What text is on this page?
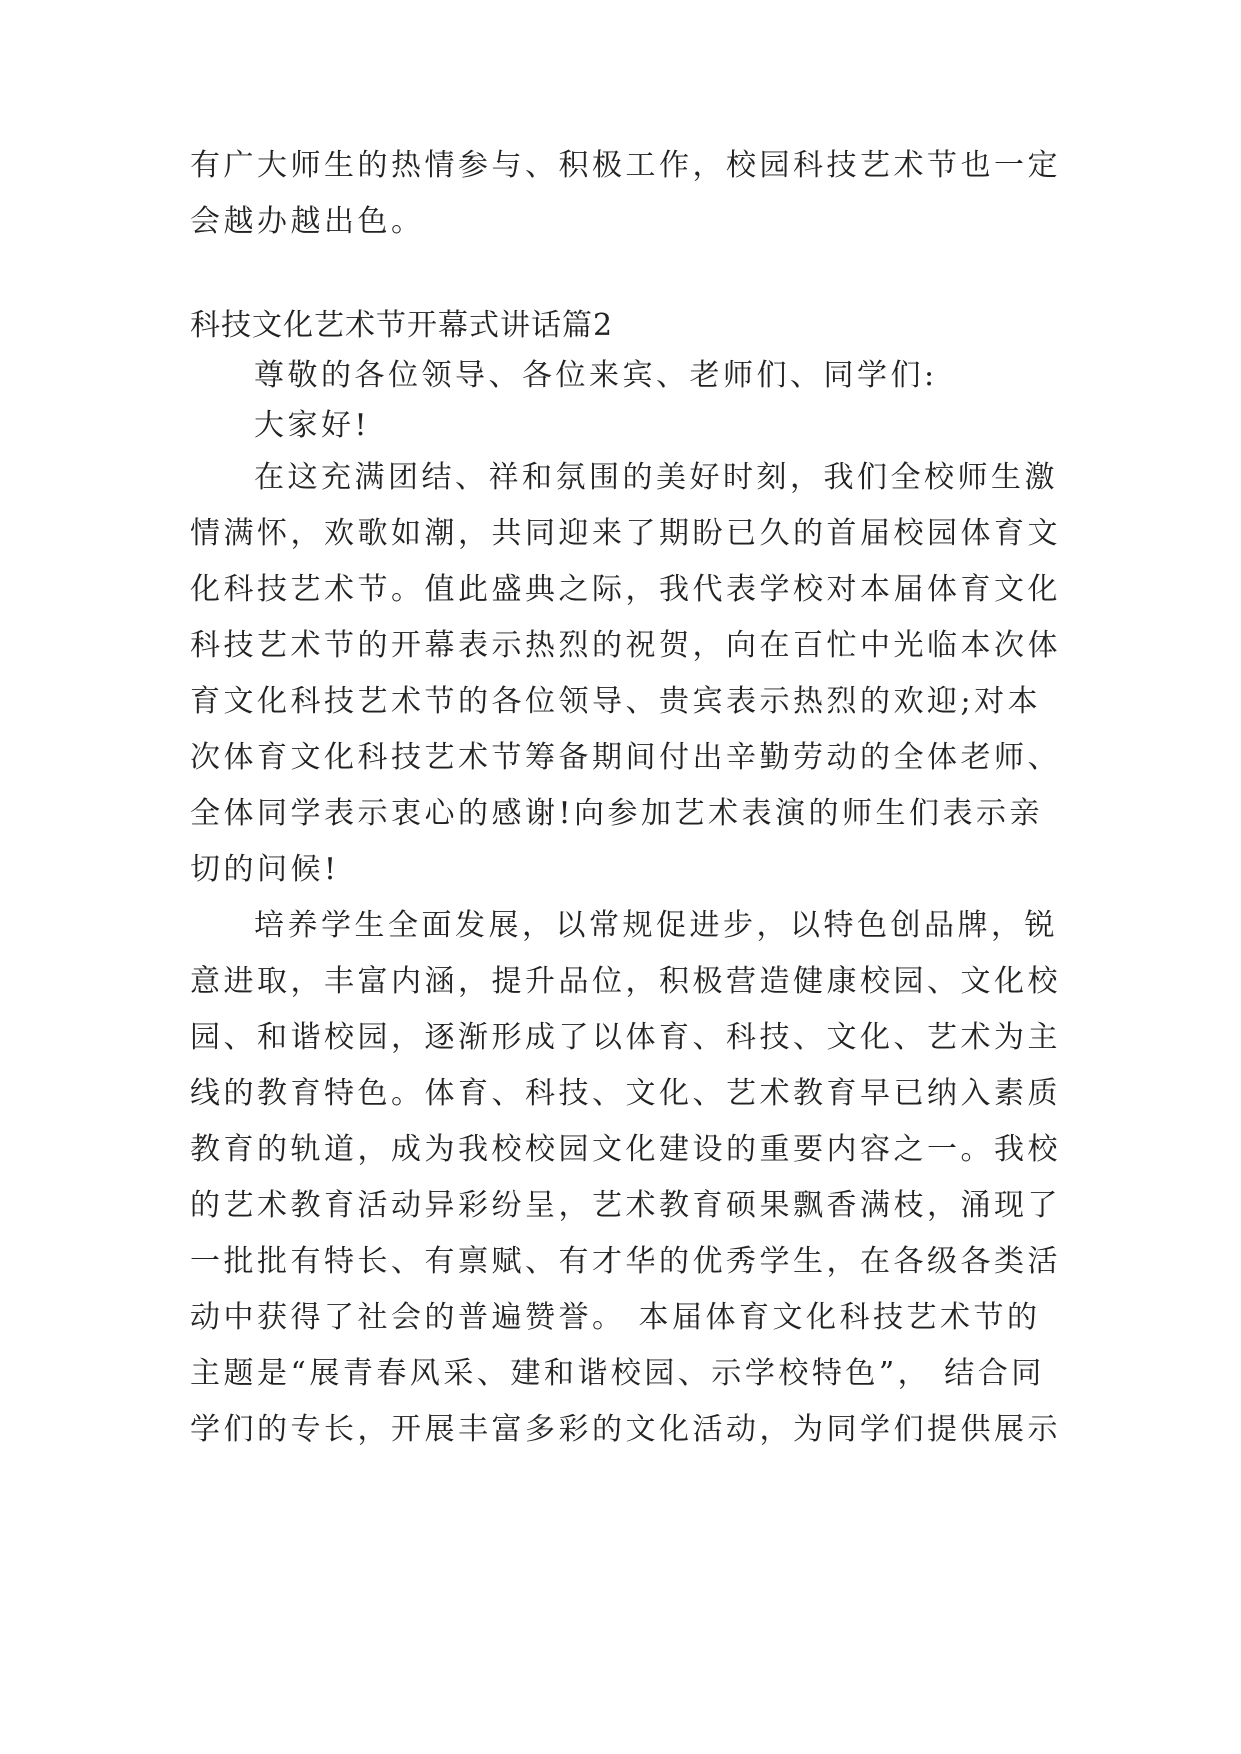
有广大师生的热情参与、积极工作，校园科技艺术节也一定
会越办越出色。
科技文化艺术节开幕式讲话篇2
尊敬的各位领导、各位来宾、老师们、同学们:
大家好!
在这充满团结、祥和氛围的美好时刻，我们全校师生激
情满怀，欢歌如潮，共同迎来了期盼已久的首届校园体育文
化科技艺术节。值此盛典之际，我代表学校对本届体育文化
科技艺术节的开幕表示热烈的祝贺，向在百忙中光临本次体
育文化科技艺术节的各位领导、贵宾表示热烈的欢迎;对本
次体育文化科技艺术节筹备期间付出辛勤劳动的全体老师、
全体同学表示衷心的感谢!向参加艺术表演的师生们表示亲
切的问候!
培养学生全面发展，以常规促进步，以特色创品牌，锐
意进取，丰富内涵，提升品位，积极营造健康校园、文化校
园、和谐校园，逐渐形成了以体育、科技、文化、艺术为主
线的教育特色。体育、科技、文化、艺术教育早已纳入素质
教育的轨道，成为我校校园文化建设的重要内容之一。我校
的艺术教育活动异彩纷呈，艺术教育硕果飘香满枝，涌现了
一批批有特长、有禀赋、有才华的优秀学生，在各级各类活
动中获得了社会的普遍赞誉。 本届体育文化科技艺术节的
主题是“展青春风采、建和谐校园、示学校特色”， 结合同
学们的专长，开展丰富多彩的文化活动，为同学们提供展示
